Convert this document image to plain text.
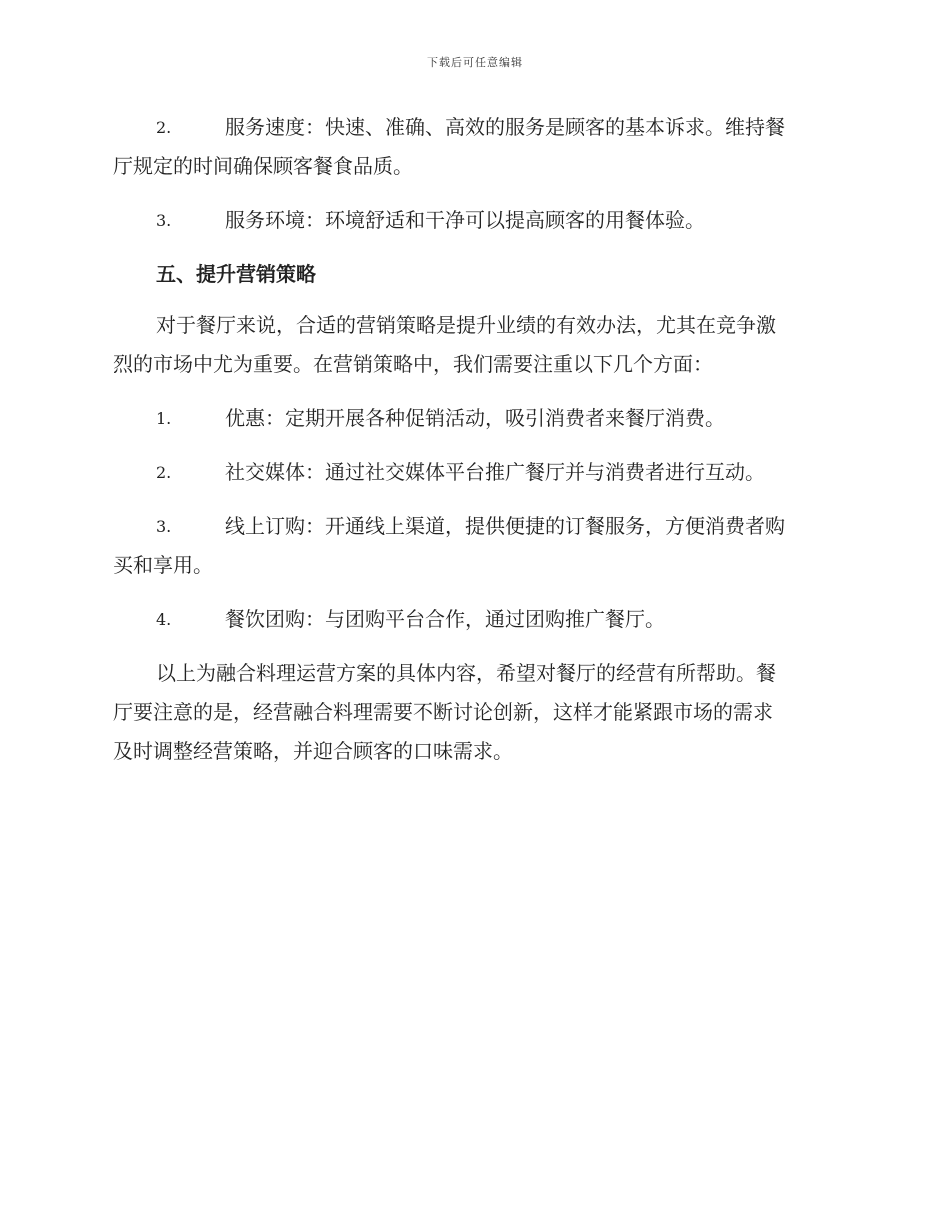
下载后可任意编辑
2.	服务速度：快速、准确、高效的服务是顾客的基本诉求。维持餐
厅规定的时间确保顾客餐食品质。
3.	服务环境：环境舒适和干净可以提高顾客的用餐体验。
五、提升营销策略
对于餐厅来说，合适的营销策略是提升业绩的有效办法，尤其在竞争激
烈的市场中尤为重要。在营销策略中，我们需要注重以下几个方面：
1.	优惠：定期开展各种促销活动，吸引消费者来餐厅消费。
2.	社交媒体：通过社交媒体平台推广餐厅并与消费者进行互动。
3.	线上订购：开通线上渠道，提供便捷的订餐服务，方便消费者购
买和享用。
4.	餐饮团购：与团购平台合作，通过团购推广餐厅。
以上为融合料理运营方案的具体内容，希望对餐厅的经营有所帮助。餐
厅要注意的是，经营融合料理需要不断讨论创新，这样才能紧跟市场的需求
及时调整经营策略，并迎合顾客的口味需求。
